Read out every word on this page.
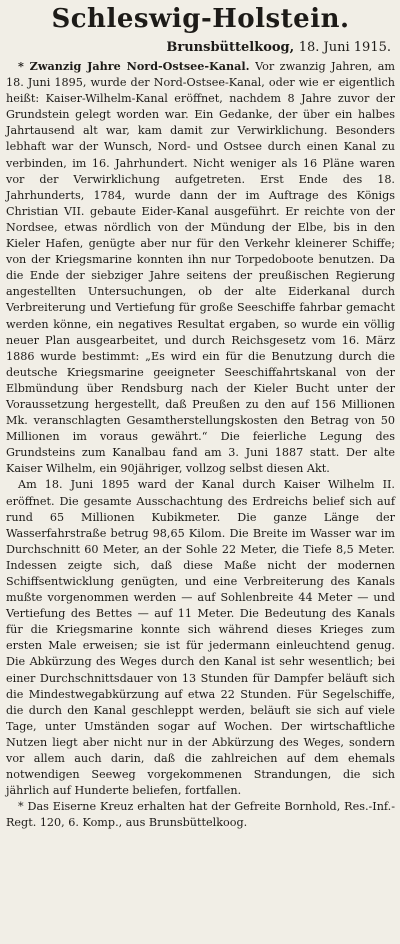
Schleswig-Holstein.
Brunsbüttelkoog, 18. Juni 1915.

* Zwanzig Jahre Nord-Ostsee-Kanal. Vor zwanzig Jahren, am 18. Juni 1895, wurde der Nord-Ostsee-Kanal, oder wie er eigentlich heißt: Kaiser-Wilhelm-Kanal eröffnet, nachdem 8 Jahre zuvor der Grundstein gelegt worden war. Ein Gedanke, der über ein halbes Jahrtausend alt war, kam damit zur Verwirklichung. Besonders lebhaft war der Wunsch, Nord- und Ostsee durch einen Kanal zu verbinden, im 16. Jahrhundert. Nicht weniger als 16 Pläne waren vor der Verwirklichung aufgetreten. Erst Ende des 18. Jahrhunderts, 1784, wurde dann der im Auftrage des Königs Christian VII. gebaute Eider-Kanal ausgeführt. Er reichte von der Nordsee, etwas nördlich von der Mündung der Elbe, bis in den Kieler Hafen, genügte aber nur für den Verkehr kleinerer Schiffe; von der Kriegsmarine konnten ihn nur Torpedoboote benutzen. Da die Ende der siebziger Jahre seitens der preußischen Regierung angestellten Untersuchungen, ob der alte Eiderkanal durch Verbreiterung und Vertiefung für große Seeschiffe fahrbar gemacht werden könne, ein negatives Resultat ergaben, so wurde ein völlig neuer Plan ausgearbeitet, und durch Reichsgesetz vom 16. März 1886 wurde bestimmt: „Es wird ein für die Benutzung durch die deutsche Kriegsmarine geeigneter Seeschiffahrtskanal von der Elbmündung über Rendsburg nach der Kieler Bucht unter der Voraussetzung hergestellt, daß Preußen zu den auf 156 Millionen Mk. veranschlagten Gesamtherstellungskosten den Betrag von 50 Millionen im voraus gewährt.“ Die feierliche Legung des Grundsteins zum Kanalbau fand am 3. Juni 1887 statt. Der alte Kaiser Wilhelm, ein 90jähriger, vollzog selbst diesen Akt.

Am 18. Juni 1895 ward der Kanal durch Kaiser Wilhelm II. eröffnet. Die gesamte Ausschachtung des Erdreichs belief sich auf rund 65 Millionen Kubikmeter. Die ganze Länge der Wasserfahrstraße betrug 98,65 Kilom. Die Breite im Wasser war im Durchschnitt 60 Meter, an der Sohle 22 Meter, die Tiefe 8,5 Meter. Indessen zeigte sich, daß diese Maße nicht der modernen Schiffsentwicklung genügten, und eine Verbreiterung des Kanals mußte vorgenommen werden — auf Sohlenbreite 44 Meter — und Vertiefung des Bettes — auf 11 Meter. Die Bedeutung des Kanals für die Kriegsmarine konnte sich während dieses Krieges zum ersten Male erweisen; sie ist für jedermann einleuchtend genug. Die Abkürzung des Weges durch den Kanal ist sehr wesentlich; bei einer Durchschnittsdauer von 13 Stunden für Dampfer beläuft sich die Mindestwegabkürzung auf etwa 22 Stunden. Für Segelschiffe, die durch den Kanal geschleppt werden, beläuft sie sich auf viele Tage, unter Umständen sogar auf Wochen. Der wirtschaftliche Nutzen liegt aber nicht nur in der Abkürzung des Weges, sondern vor allem auch darin, daß die zahlreichen auf dem ehemals notwendigen Seeweg vorgekommenen Strandungen, die sich jährlich auf Hunderte beliefen, fortfallen.

* Das Eiserne Kreuz erhalten hat der Gefreite Bornhold, Res.-Inf.-Regt. 120, 6. Komp., aus Brunsbüttelkoog.
